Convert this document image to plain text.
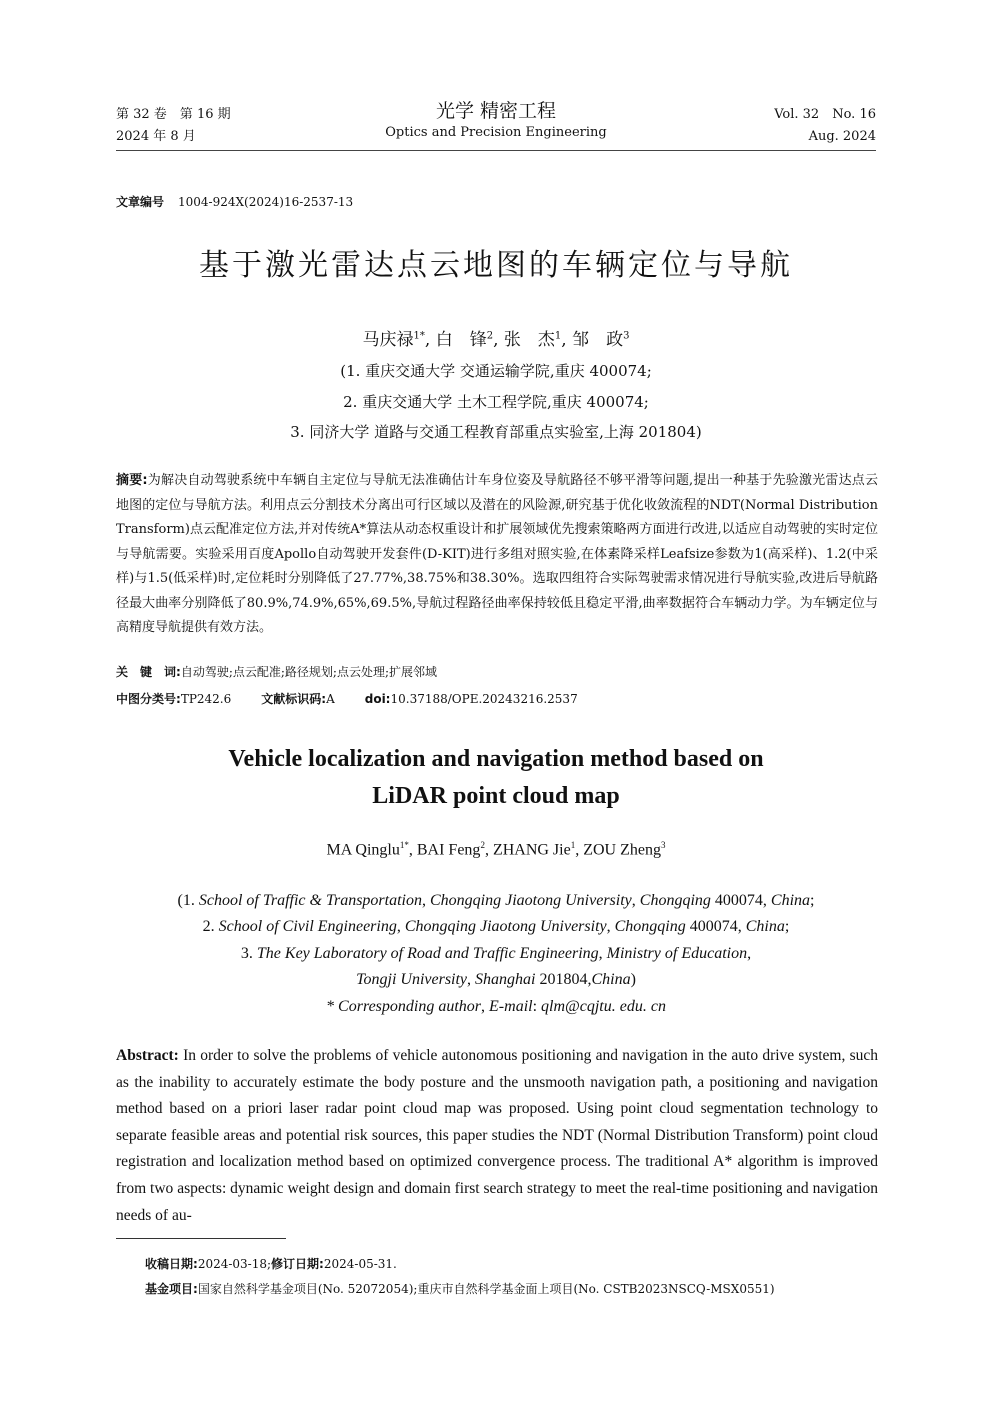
第 32 卷　第 16 期
2024 年 8 月
光学 精密工程
Optics and Precision Engineering
Vol. 32　No. 16
Aug. 2024
文章编号 1004-924X(2024)16-2537-13
基于激光雷达点云地图的车辆定位与导航
马庆禄$^{1*}$, 白　锋$^2$, 张　杰$^1$, 邹　政$^3$
(1. 重庆交通大学 交通运输学院,重庆 400074;
2. 重庆交通大学 土木工程学院,重庆 400074;
3. 同济大学 道路与交通工程教育部重点实验室,上海 201804)
摘要:为解决自动驾驶系统中车辆自主定位与导航无法准确估计车身位姿及导航路径不够平滑等问题,提出一种基于先验激光雷达点云地图的定位与导航方法。利用点云分割技术分离出可行区域以及潜在的风险源,研究基于优化收敛流程的NDT(Normal Distribution Transform)点云配准定位方法,并对传统A*算法从动态权重设计和扩展领域优先搜索策略两方面进行改进,以适应自动驾驶的实时定位与导航需要。实验采用百度Apollo自动驾驶开发套件(D-KIT)进行多组对照实验,在体素降采样Leafsize参数为1(高采样)、1.2(中采样)与1.5(低采样)时,定位耗时分别降低了27.77%,38.75%和38.30%。选取四组符合实际驾驶需求情况进行导航实验,改进后导航路径最大曲率分别降低了80.9%,74.9%,65%,69.5%,导航过程路径曲率保持较低且稳定平滑,曲率数据符合车辆动力学。为车辆定位与高精度导航提供有效方法。
关　键　词:自动驾驶;点云配准;路径规划;点云处理;扩展邻域
中图分类号:TP242.6	文献标识码:A	doi:10.37188/OPE.20243216.2537
Vehicle localization and navigation method based on
LiDAR point cloud map
MA Qinglu$^{1*}$, BAI Feng$^2$, ZHANG Jie$^1$, ZOU Zheng$^3$
(1. School of Traffic & Transportation, Chongqing Jiaotong University, Chongqing 400074, China;
2. School of Civil Engineering, Chongqing Jiaotong University, Chongqing 400074, China;
3. The Key Laboratory of Road and Traffic Engineering, Ministry of Education,
Tongji University, Shanghai 201804,China)
* Corresponding author, E-mail: qlm@cqjtu. edu. cn
Abstract: In order to solve the problems of vehicle autonomous positioning and navigation in the auto drive system, such as the inability to accurately estimate the body posture and the unsmooth navigation path, a positioning and navigation method based on a priori laser radar point cloud map was proposed. Using point cloud segmentation technology to separate feasible areas and potential risk sources, this paper studies the NDT (Normal Distribution Transform) point cloud registration and localization method based on optimized convergence process. The traditional A* algorithm is improved from two aspects: dynamic weight design and domain first search strategy to meet the real-time positioning and navigation needs of au-
收稿日期:2024-03-18;修订日期:2024-05-31.
基金项目:国家自然科学基金项目(No. 52072054);重庆市自然科学基金面上项目(No. CSTB2023NSCQ-MSX0551)
